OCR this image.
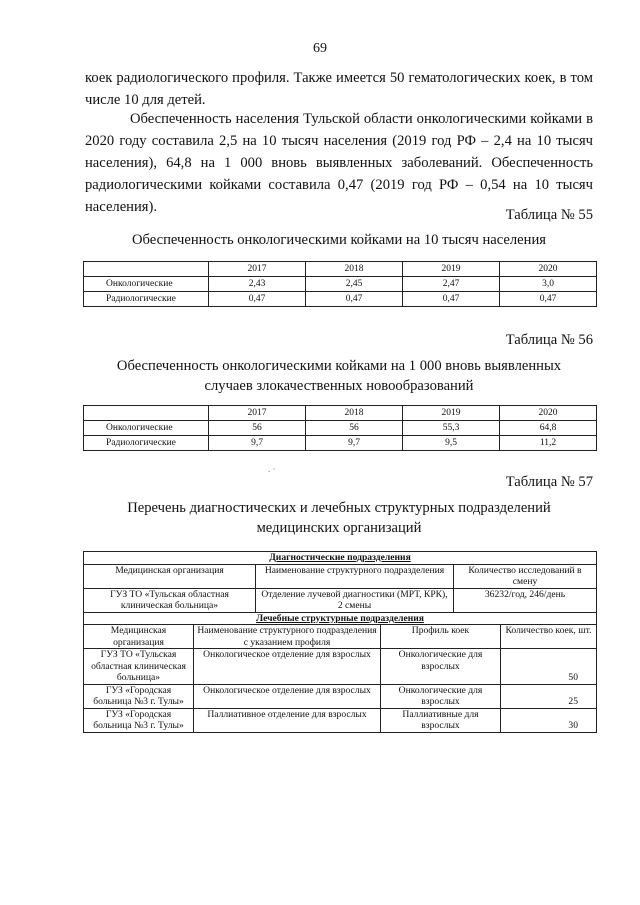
69

коек радиологического профиля. Также имеется 50 гематологических коек, в том числе 10 для детей.

Обеспеченность населения Тульской области онкологическими койками в 2020 году составила 2,5 на 10 тысяч населения (2019 год РФ – 2,4 на 10 тысяч населения), 64,8 на 1 000 вновь выявленных заболеваний. Обеспеченность радиологическими койками составила 0,47 (2019 год РФ – 0,54 на 10 тысяч населения).	Таблица № 55
Обеспеченность онкологическими койками на 10 тысяч населения
	2017	2018	2019	2020
Онкологические	2,43	2,45	2,47	3,0
Радиологические	0,47	0,47	0,47	0,47
Таблица № 56
Обеспеченность онкологическими койками на 1 000 вновь выявленных
случаев злокачественных новообразований
	2017	2018	2019	2020
Онкологические	56	56	55,3	64,8
Радиологические	9,7	9,7	9,5	11,2
. ·
Таблица № 57
Перечень диагностических и лечебных структурных подразделений
медицинских организаций
Диагностические подразделения					
Медицинская организация		Наименование структурного подразделения		Количество исследований в смену	
ГУЗ ТО «Тульская областная клиническая больница»		Отделение лучевой диагностики (МРТ, КРК), 2 смены		36232/год, 246/день	
Лечебные структурные подразделения					
Медицинская организация	Наименование структурного подразделения с указанием профиля		Профиль коек		Количество коек, шт.
ГУЗ ТО «Тульская областная клиническая больница»	Онкологическое отделение для взрослых		Онкологические для взрослых		50
ГУЗ «Городская больница №3 г. Тулы»	Онкологическое отделение для взрослых		Онкологические для взрослых		25
ГУЗ «Городская больница №3 г. Тулы»	Паллиативное отделение для взрослых		Паллиативные для взрослых		30
